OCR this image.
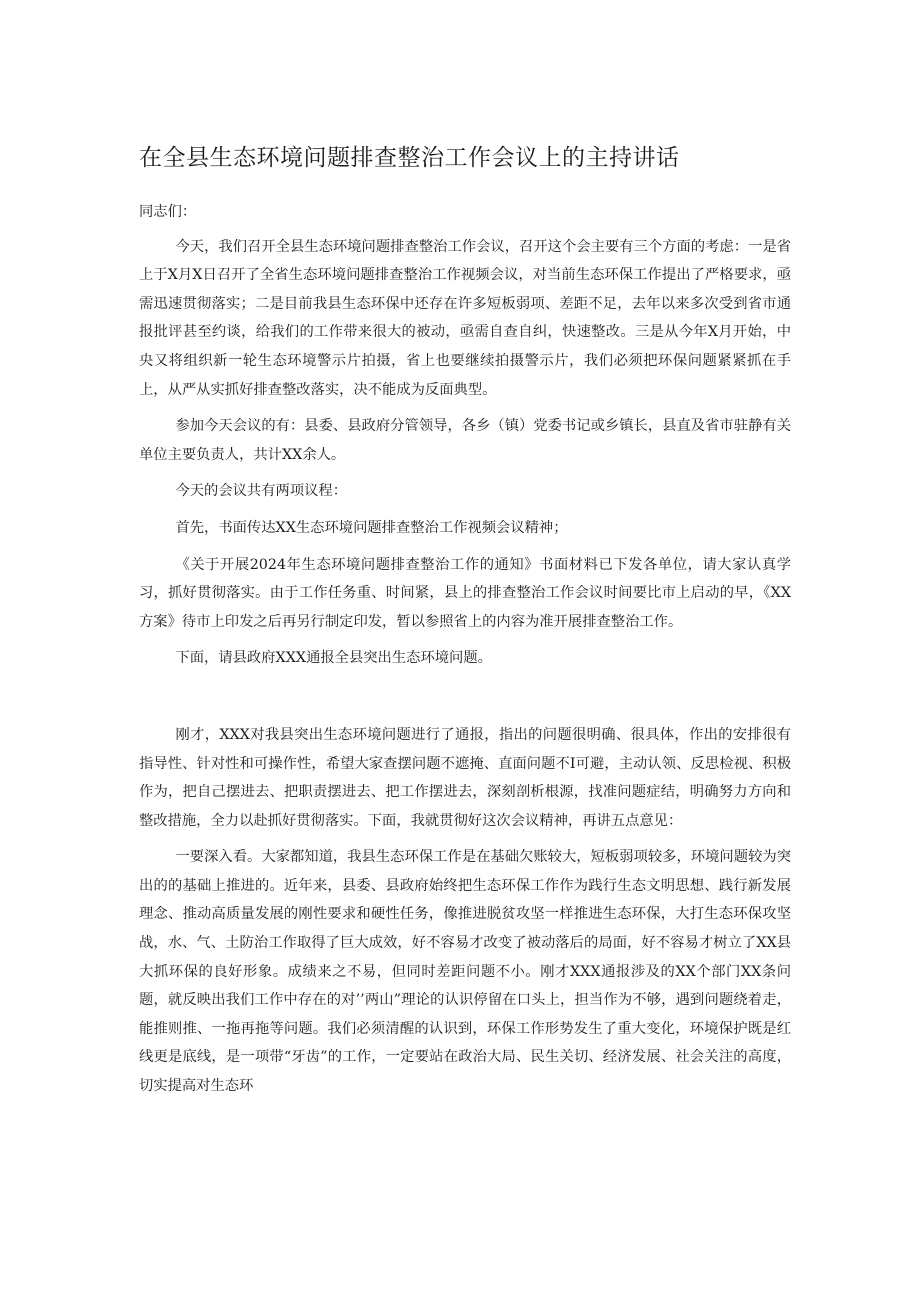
在全县生态环境问题排查整治工作会议上的主持讲话

同志们：

今天，我们召开全县生态环境问题排查整治工作会议，召开这个会主要有三个方面的考虑：一是省上于X月X日召开了全省生态环境问题排查整治工作视频会议，对当前生态环保工作提出了严格要求，亟需迅速贯彻落实；二是目前我县生态环保中还存在许多短板弱项、差距不足，去年以来多次受到省市通报批评甚至约谈，给我们的工作带来很大的被动，亟需自查自纠，快速整改。三是从今年X月开始，中央又将组织新一轮生态环境警示片拍摄，省上也要继续拍摄警示片，我们必须把环保问题紧紧抓在手上，从严从实抓好排查整改落实，决不能成为反面典型。

参加今天会议的有：县委、县政府分管领导，各乡（镇）党委书记或乡镇长，县直及省市驻静有关单位主要负责人，共计XX余人。

今天的会议共有两项议程：

首先，书面传达XX生态环境问题排查整治工作视频会议精神；

《关于开展2024年生态环境问题排查整治工作的通知》书面材料已下发各单位，请大家认真学习，抓好贯彻落实。由于工作任务重、时间紧，县上的排查整治工作会议时间要比市上启动的早，《XX方案》待市上印发之后再另行制定印发，暂以参照省上的内容为准开展排查整治工作。

下面，请县政府XXX通报全县突出生态环境问题。

刚才，XXX对我县突出生态环境问题进行了通报，指出的问题很明确、很具体，作出的安排很有指导性、针对性和可操作性，希望大家查摆问题不遮掩、直面问题不I可避，主动认领、反思检视、积极作为，把自己摆进去、把职责摆进去、把工作摆进去，深刻剖析根源，找准问题症结，明确努力方向和整改措施，全力以赴抓好贯彻落实。下面，我就贯彻好这次会议精神，再讲五点意见：

一要深入看。大家都知道，我县生态环保工作是在基础欠账较大，短板弱项较多，环境问题较为突出的的基础上推进的。近年来，县委、县政府始终把生态环保工作作为践行生态文明思想、践行新发展理念、推动高质量发展的刚性要求和硬性任务，像推进脱贫攻坚一样推进生态环保，大打生态环保攻坚战，水、气、土防治工作取得了巨大成效，好不容易才改变了被动落后的局面，好不容易才树立了XX县大抓环保的良好形象。成绩来之不易，但同时差距问题不小。刚才XXX通报涉及的XX个部门XX条问题，就反映出我们工作中存在的对’’两山”理论的认识停留在口头上，担当作为不够，遇到问题绕着走，能推则推、一拖再拖等问题。我们必须清醒的认识到，环保工作形势发生了重大变化，环境保护既是红线更是底线，是一项带“牙齿”的工作，一定要站在政治大局、民生关切、经济发展、社会关注的高度，切实提高对生态环
